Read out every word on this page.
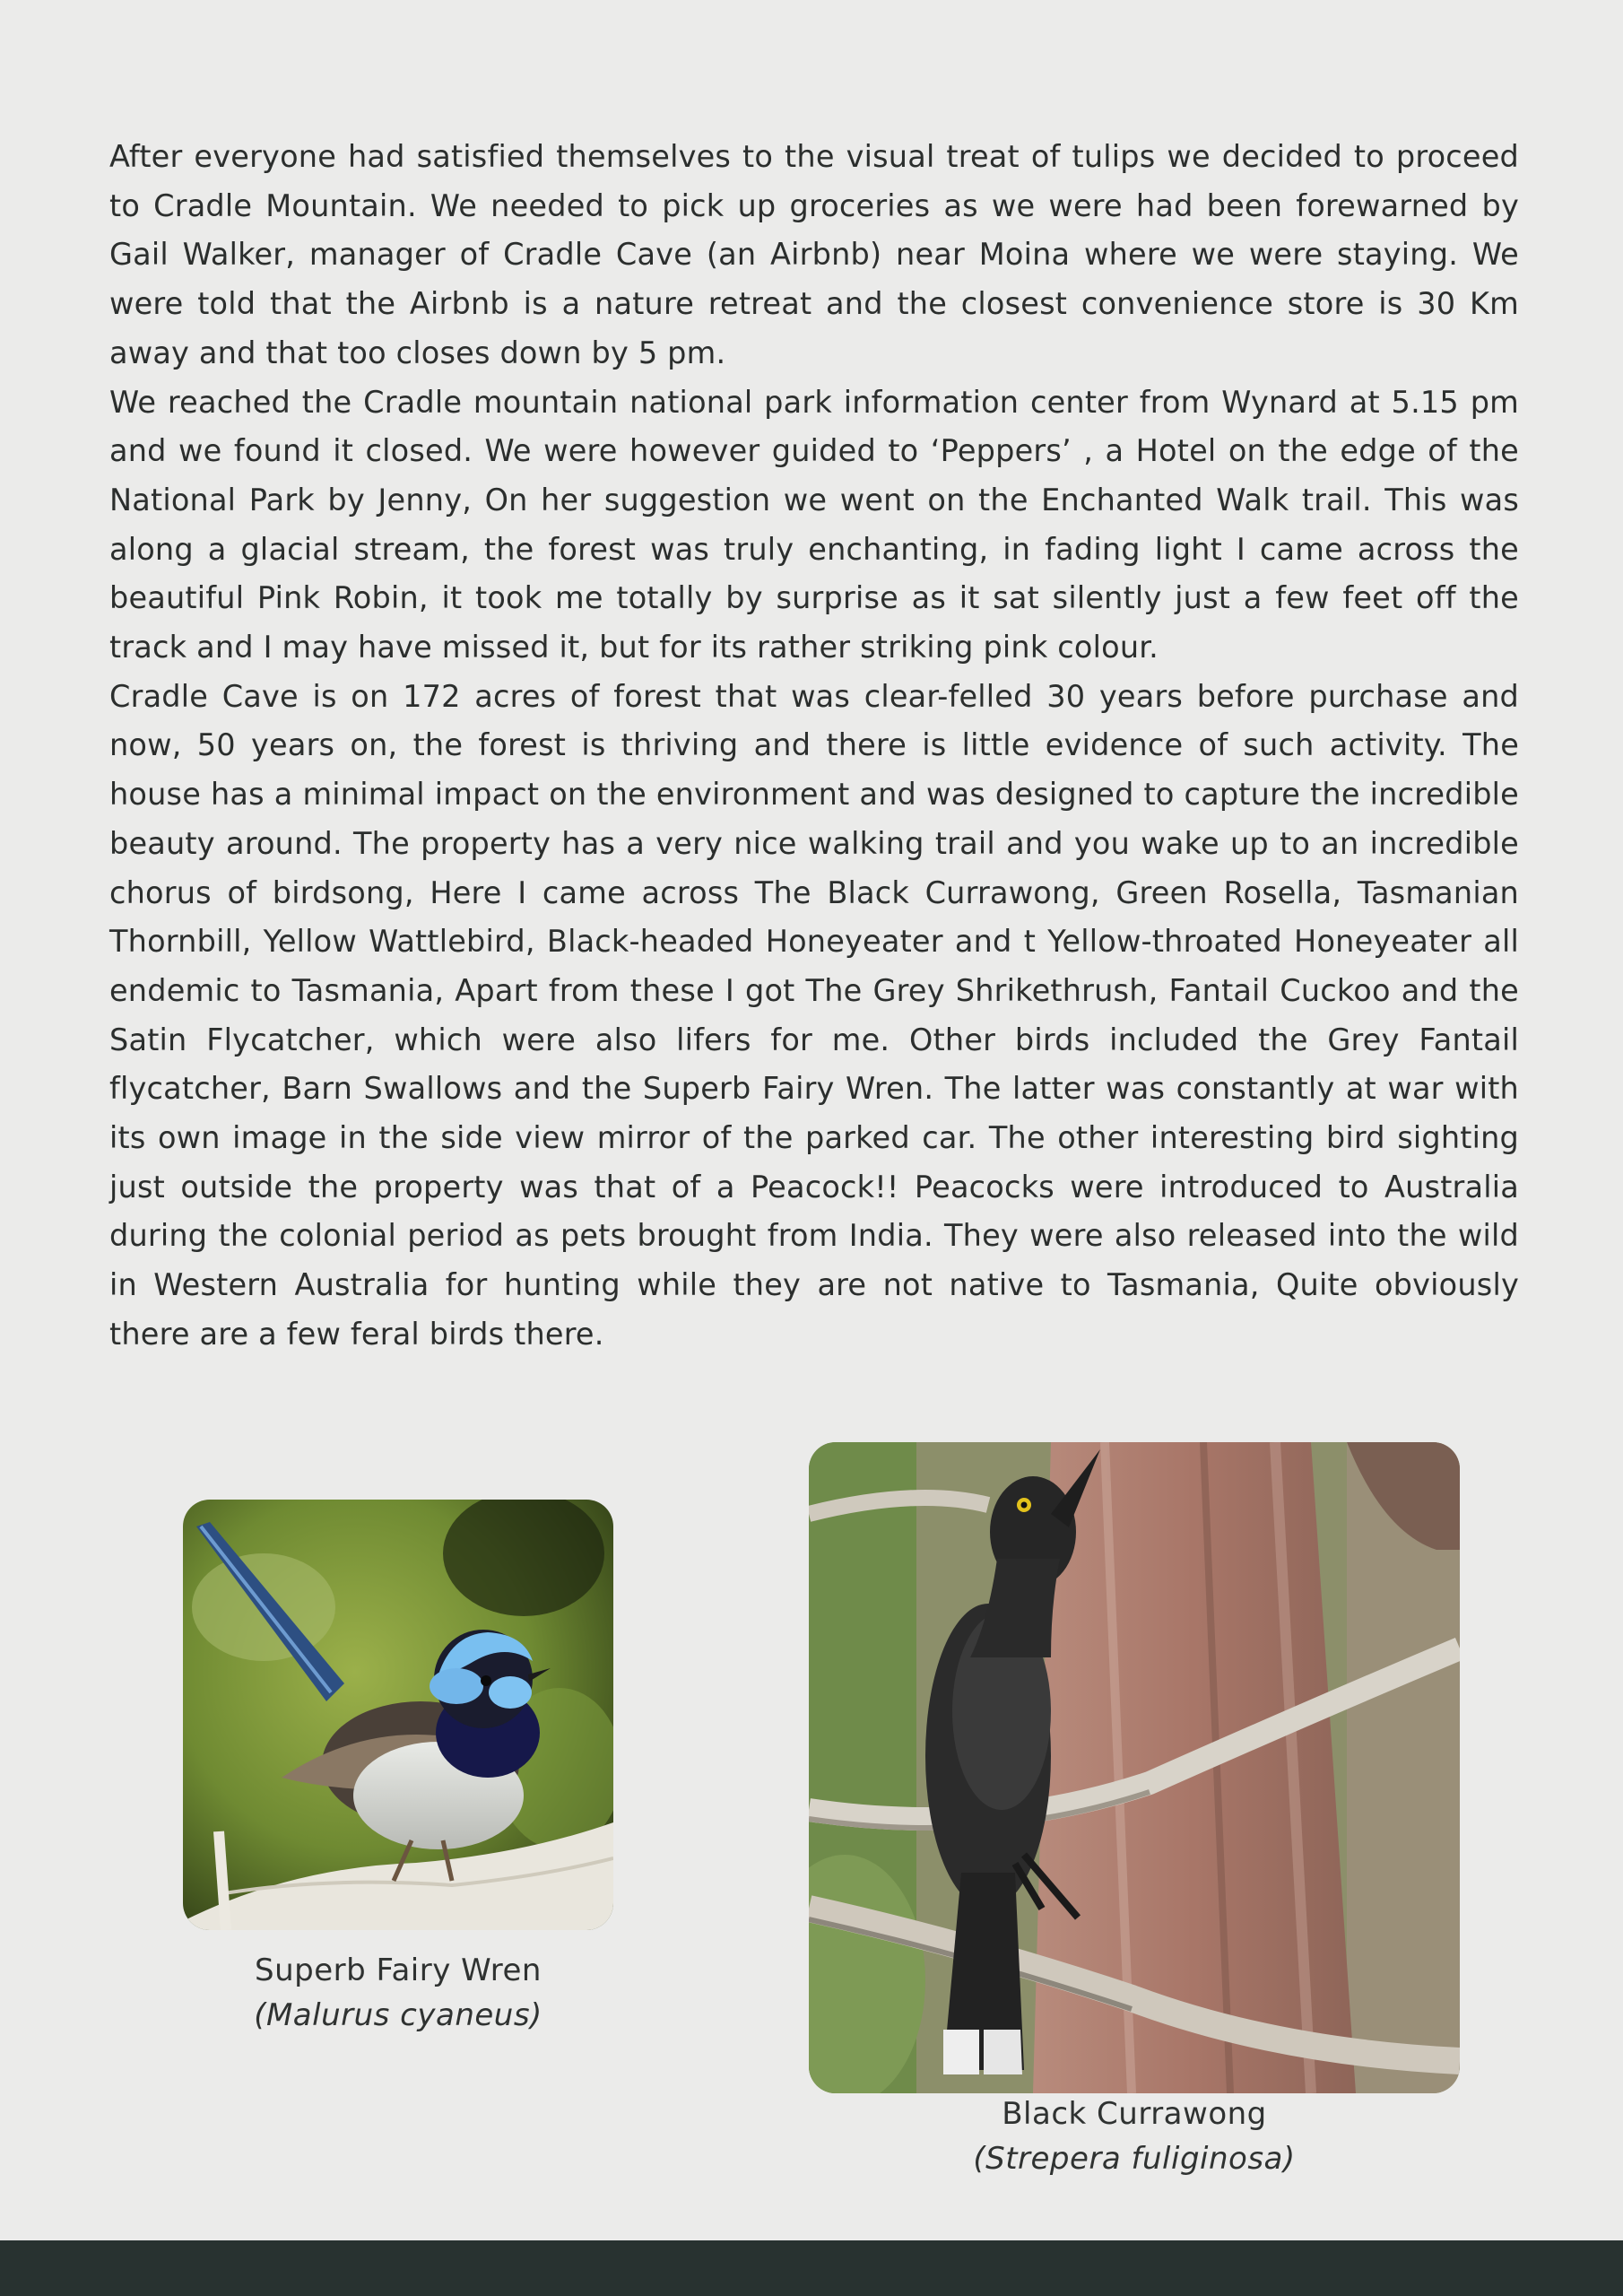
After everyone had satisfied themselves to the visual treat of tulips we decided to proceed to Cradle Mountain. We needed to pick up groceries as we were had been forewarned by Gail Walker, manager of Cradle Cave (an Airbnb) near Moina where we were staying. We were told that the Airbnb is a nature retreat and the closest convenience store is 30 Km away and that too closes down by 5 pm.

We reached the Cradle mountain national park information center from Wynard at 5.15 pm and we found it closed. We were however guided to ‘Peppers’ , a Hotel on the edge of the National Park by Jenny, On her suggestion we went on the Enchanted Walk trail. This was along a glacial stream, the forest was truly enchanting, in fading light I came across the beautiful Pink Robin, it took me totally by surprise as it sat silently just a few feet off the track and I may have missed it, but for its rather striking pink colour.

Cradle Cave is on 172 acres of forest that was clear-felled 30 years before purchase and now, 50 years on, the forest is thriving and there is little evidence of such activity. The house has a minimal impact on the environment and was designed to capture the incredible beauty around. The property has a very nice walking trail and you wake up to an incredible chorus of birdsong, Here I came across The Black Currawong, Green Rosella, Tasmanian Thornbill, Yellow Wattlebird, Black-headed Honeyeater and t Yellow-throated Honeyeater all endemic to Tasmania, Apart from these I got The Grey Shrikethrush, Fantail Cuckoo and the Satin Flycatcher, which were also lifers for me. Other birds included the Grey Fantail flycatcher, Barn Swallows and the Superb Fairy Wren. The latter was constantly at war with its own image in the side view mirror of the parked car. The other interesting bird sighting just outside the property was that of a Peacock!! Peacocks were introduced to Australia during the colonial period as pets brought from India. They were also released into the wild in Western Australia for hunting while they are not native to Tasmania, Quite obviously there are a few feral birds there.

Superb Fairy Wren
(Malurus cyaneus)
Black Currawong
(Strepera fuliginosa)
